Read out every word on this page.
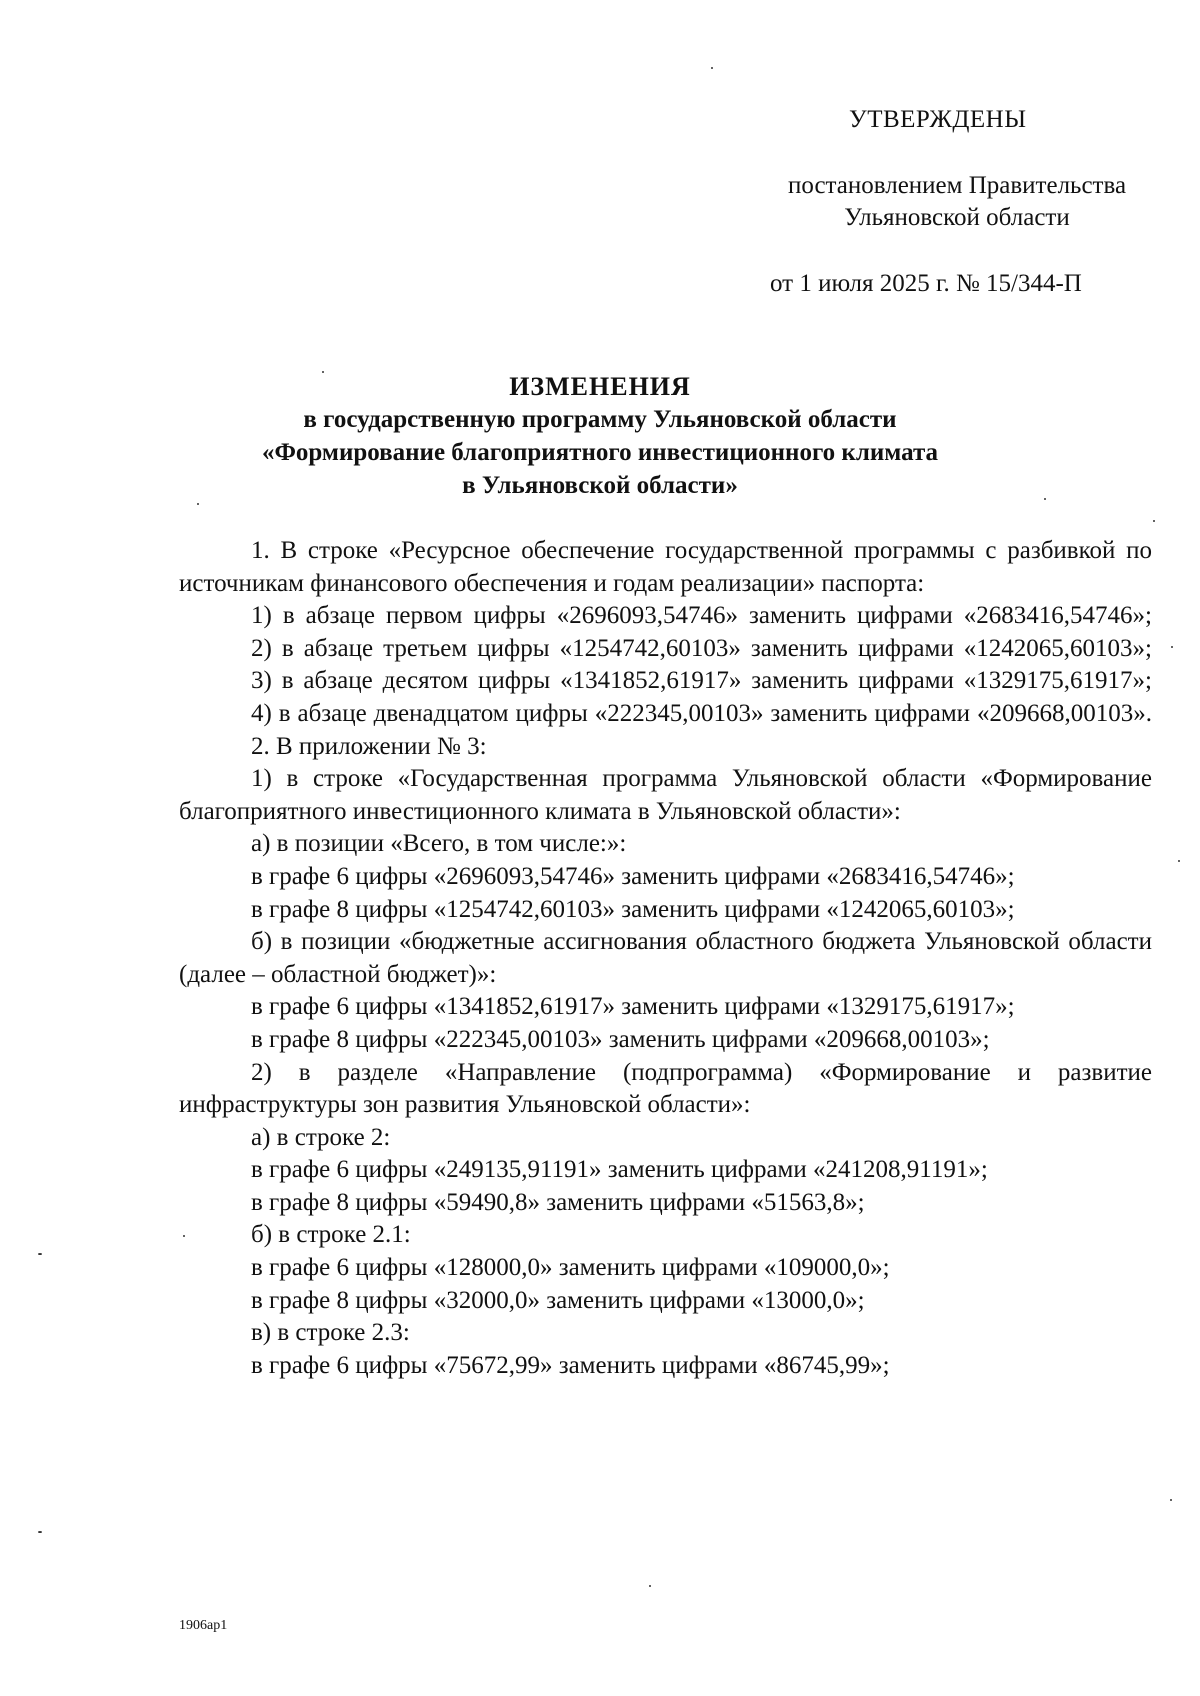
УТВЕРЖДЕНЫ
постановлением Правительства Ульяновской области
от 1 июля 2025 г. № 15/344-П
ИЗМЕНЕНИЯ
в государственную программу Ульяновской области
«Формирование благоприятного инвестиционного климата
в Ульяновской области»

1. В строке «Ресурсное обеспечение государственной программы с разбивкой по источникам финансового обеспечения и годам реализации» паспорта:

1) в абзаце первом цифры «2696093,54746» заменить цифрами «2683416,54746»;

2) в абзаце третьем цифры «1254742,60103» заменить цифрами «1242065,60103»;

3) в абзаце десятом цифры «1341852,61917» заменить цифрами «1329175,61917»;

4) в абзаце двенадцатом цифры «222345,00103» заменить цифрами «209668,00103».

2. В приложении № 3:

1) в строке «Государственная программа Ульяновской области «Формирование благоприятного инвестиционного климата в Ульяновской области»:

а) в позиции «Всего, в том числе:»:

в графе 6 цифры «2696093,54746» заменить цифрами «2683416,54746»;

в графе 8 цифры «1254742,60103» заменить цифрами «1242065,60103»;

б) в позиции «бюджетные ассигнования областного бюджета Ульяновской области (далее – областной бюджет)»:

в графе 6 цифры «1341852,61917» заменить цифрами «1329175,61917»;

в графе 8 цифры «222345,00103» заменить цифрами «209668,00103»;

2) в разделе «Направление (подпрограмма) «Формирование и развитие инфраструктуры зон развития Ульяновской области»:

а) в строке 2:

в графе 6 цифры «249135,91191» заменить цифрами «241208,91191»;

в графе 8 цифры «59490,8» заменить цифрами «51563,8»;

б) в строке 2.1:

в графе 6 цифры «128000,0» заменить цифрами «109000,0»;

в графе 8 цифры «32000,0» заменить цифрами «13000,0»;

в) в строке 2.3:

в графе 6 цифры «75672,99» заменить цифрами «86745,99»;

1906ap1
